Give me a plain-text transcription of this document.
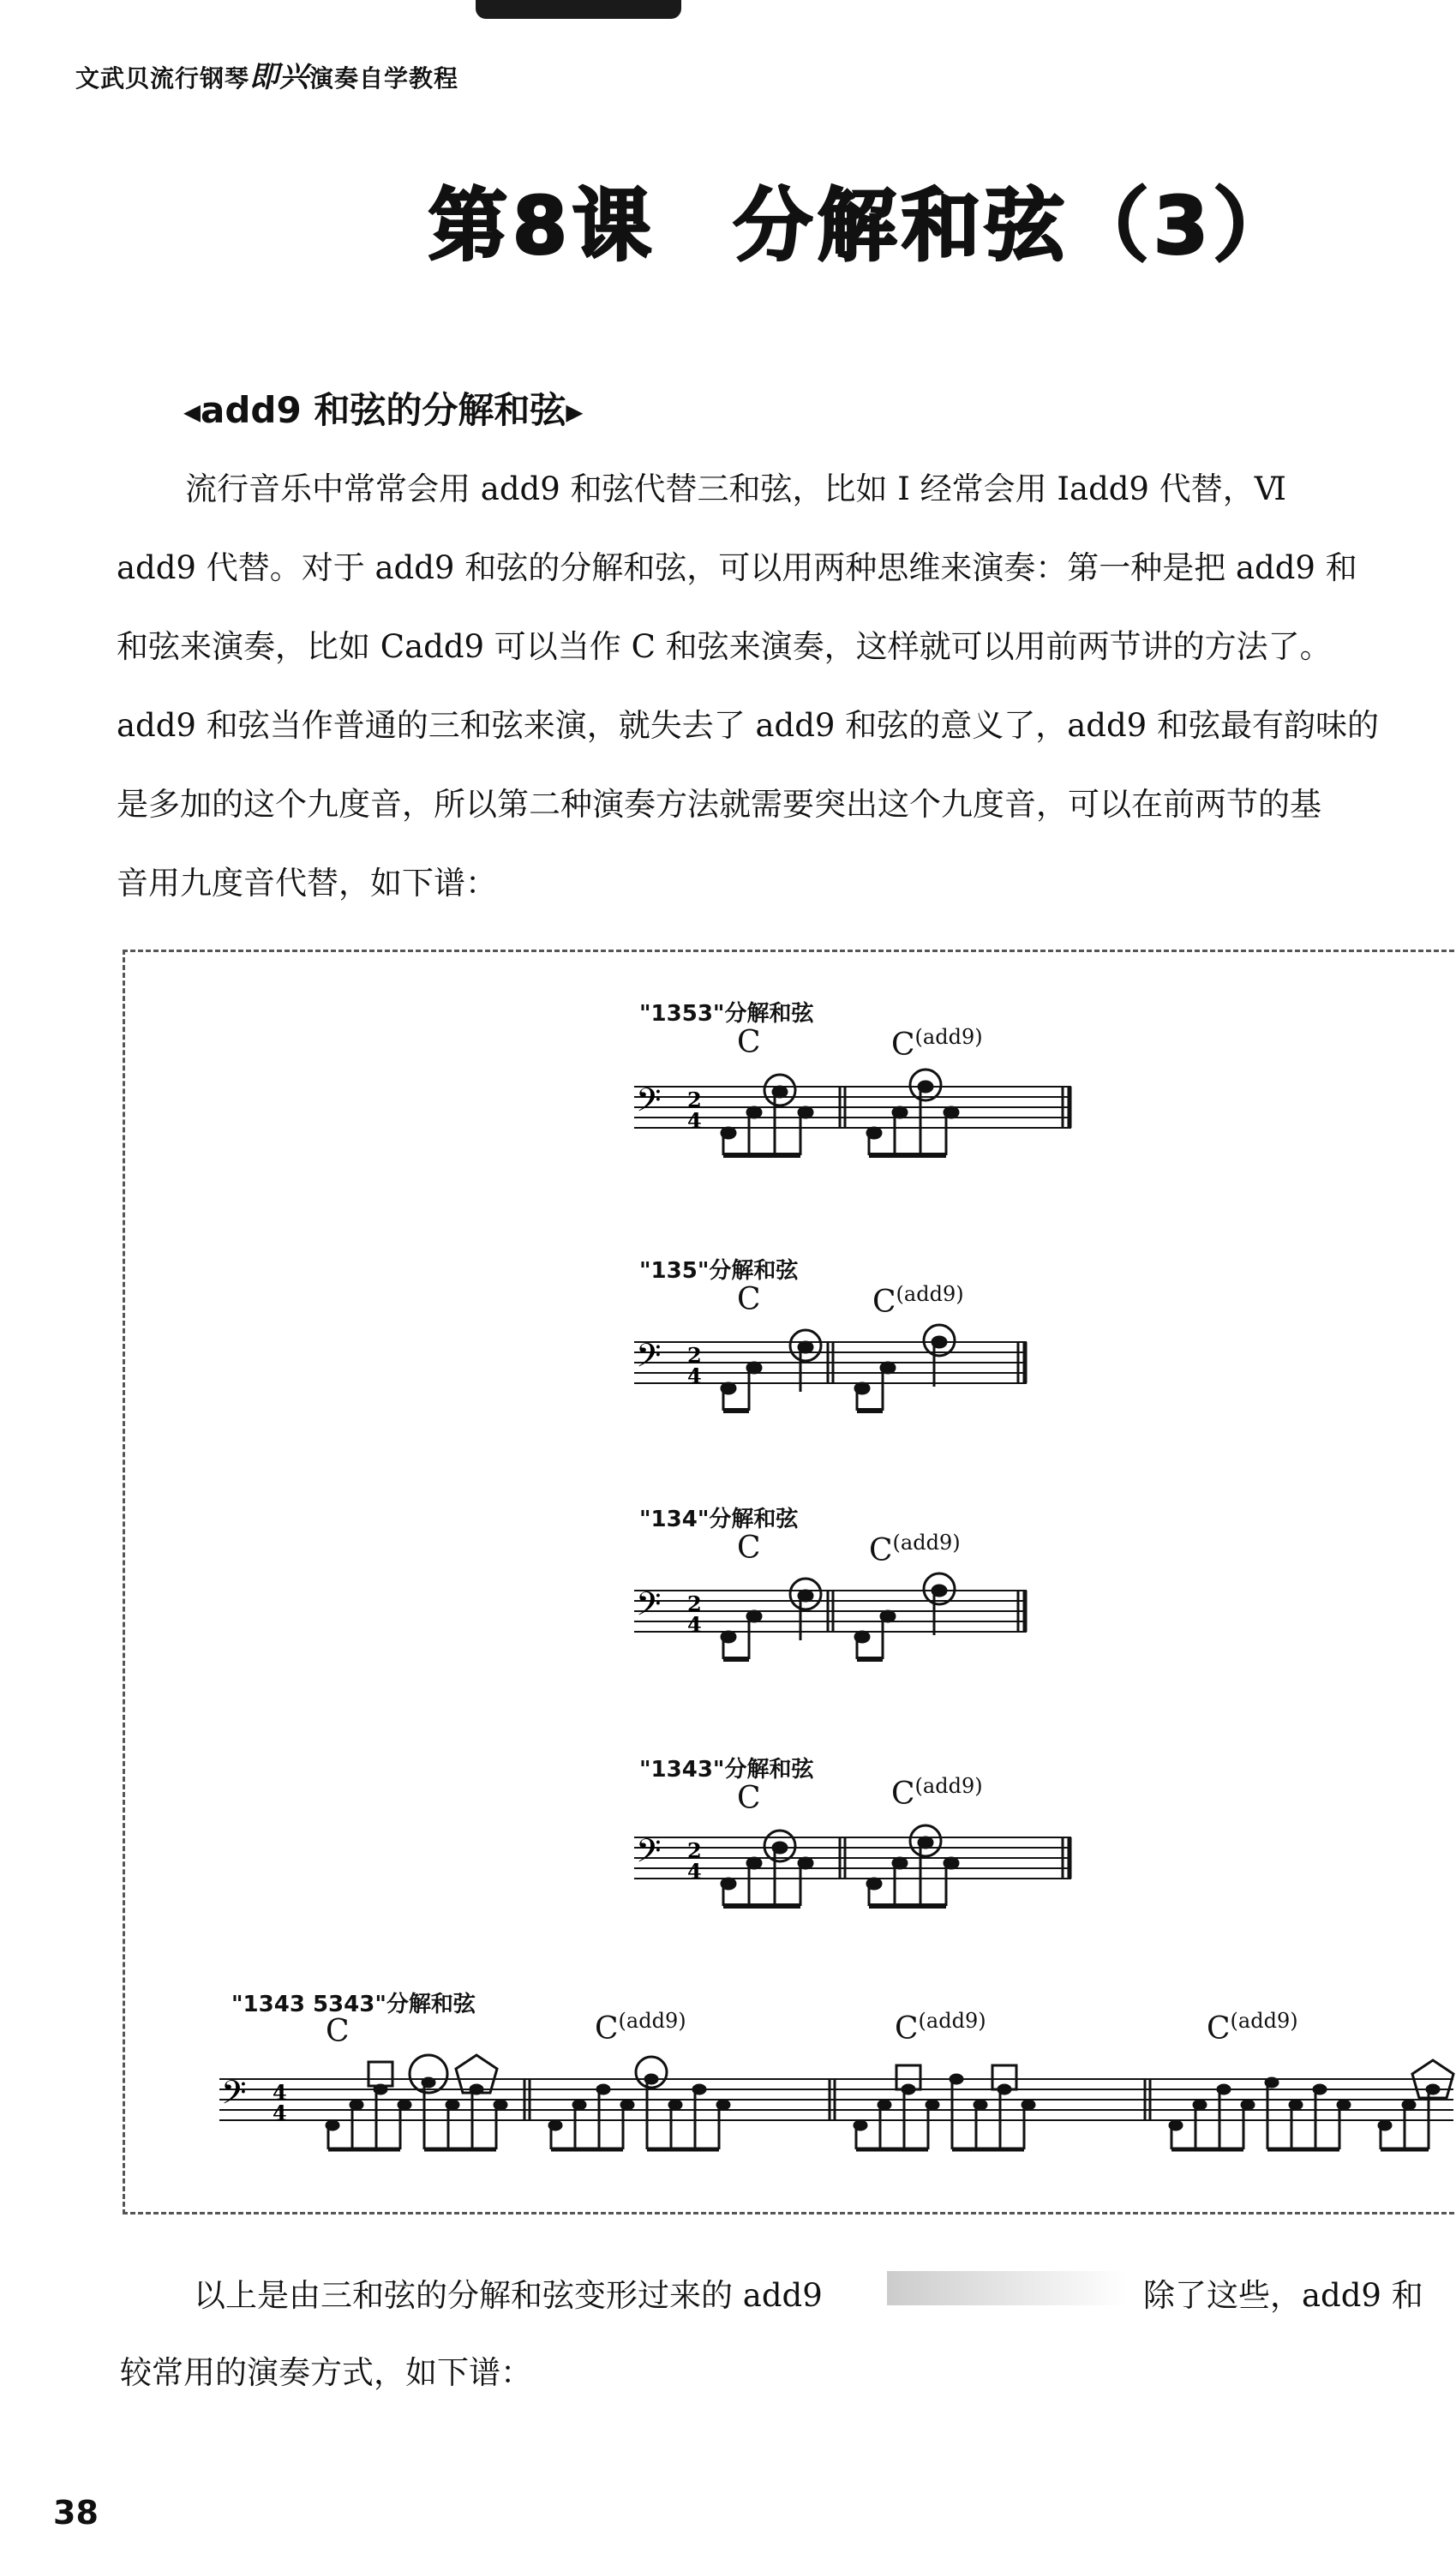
文武贝流行钢琴即兴演奏自学教程
第8课 分解和弦（3）
◀add9 和弦的分解和弦▶
流行音乐中常常会用 add9 和弦代替三和弦，比如 I 经常会用 Iadd9 代替，Ⅵ
add9 代替。对于 add9 和弦的分解和弦，可以用两种思维来演奏：第一种是把 add9 和
和弦来演奏，比如 Cadd9 可以当作 C 和弦来演奏，这样就可以用前两节讲的方法了。
add9 和弦当作普通的三和弦来演，就失去了 add9 和弦的意义了，add9 和弦最有韵味的
是多加的这个九度音，所以第二种演奏方法就需要突出这个九度音，可以在前两节的基
音用九度音代替，如下谱：
"1353"分解和弦
C	$C^{(add9)}$
𝄢 2
4
"135"分解和弦
C	$C^{(add9)}$
𝄢 2
4
"134"分解和弦
C	$C^{(add9)}$
𝄢 2
4
"1343"分解和弦
C	$C^{(add9)}$
𝄢 2
4
"1343 5343"分解和弦
C	$C^{(add9)}$	$C^{(add9)}$	$C^{(add9)}$
𝄢 4
4
以上是由三和弦的分解和弦变形过来的 add9	除了这些，add9 和
较常用的演奏方式，如下谱：
38
